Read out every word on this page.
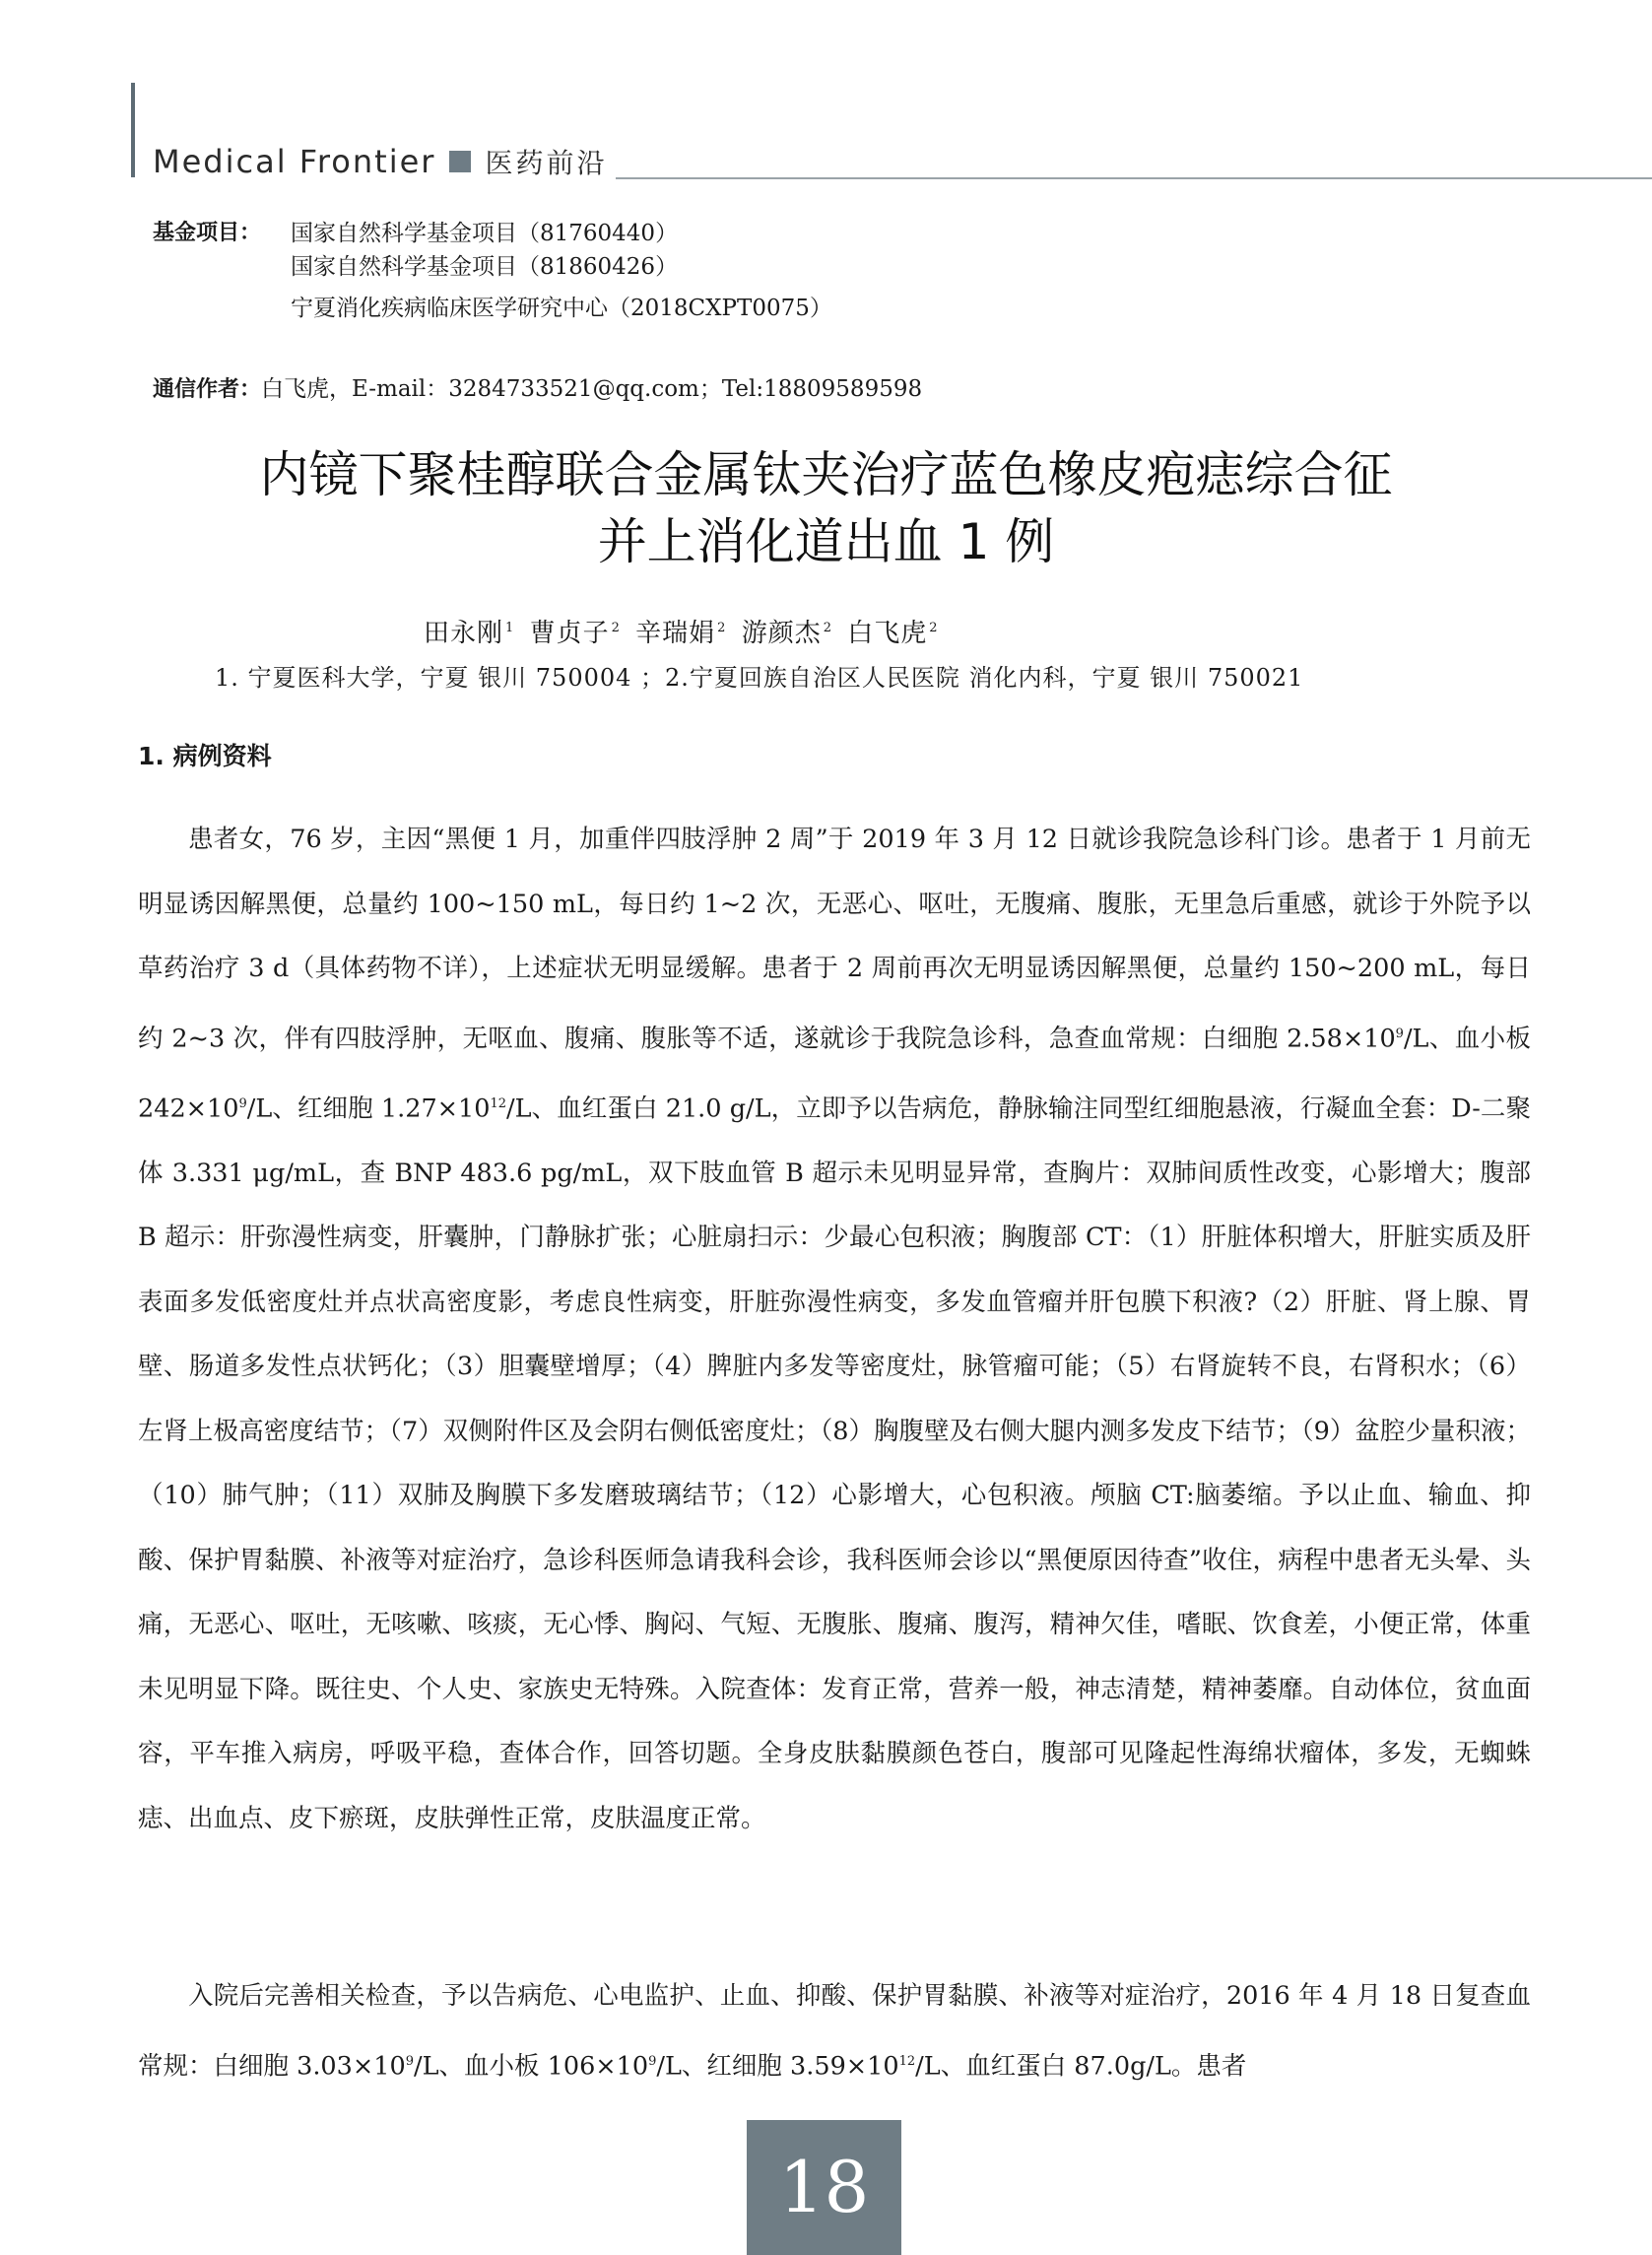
Medical Frontier 医药前沿
基金项目：	国家自然科学基金项目（81760440）
国家自然科学基金项目（81860426）
宁夏消化疾病临床医学研究中心（2018CXPT0075）
通信作者：白飞虎，E-mail：3284733521@qq.com；Tel:18809589598
内镜下聚桂醇联合金属钛夹治疗蓝色橡皮疱痣综合征
并上消化道出血 1 例
田永刚 $^1$ 曹贞子 $^2$ 辛瑞娟 $^2$ 游颜杰 $^2$ 白飞虎 $^2$
1. 宁夏医科大学，宁夏 银川 750004 ；2.宁夏回族自治区人民医院 消化内科，宁夏 银川 750021
1. 病例资料

患者女，76 岁，主因“黑便 1 月，加重伴四肢浮肿 2 周”于 2019 年 3 月 12 日就诊我院急诊科门诊。患者于 1 月前无明显诱因解黑便，总量约 100~150 mL，每日约 1~2 次，无恶心、呕吐，无腹痛、腹胀，无里急后重感，就诊于外院予以草药治疗 3 d（具体药物不详），上述症状无明显缓解。患者于 2 周前再次无明显诱因解黑便，总量约 150~200 mL，每日约 2~3 次，伴有四肢浮肿，无呕血、腹痛、腹胀等不适，遂就诊于我院急诊科，急查血常规：白细胞 $2.58\times 10^9/L$、血小板 $242\times 10^9/L$、红细胞 $1.27\times 10^{12}/L$、血红蛋白 21.0 g/L，立即予以告病危，静脉输注同型红细胞悬液，行凝血全套：D-二聚体 3.331 μg/mL，查 BNP 483.6 pg/mL，双下肢血管 B 超示未见明显异常，查胸片：双肺间质性改变，心影增大；腹部 B 超示：肝弥漫性病变，肝囊肿，门静脉扩张；心脏扇扫示：少最心包积液；胸腹部 CT：（1）肝脏体积增大，肝脏实质及肝表面多发低密度灶并点状高密度影，考虑良性病变，肝脏弥漫性病变，多发血管瘤并肝包膜下积液?（2）肝脏、肾上腺、胃壁、肠道多发性点状钙化；（3）胆囊壁增厚；（4）脾脏内多发等密度灶，脉管瘤可能；（5）右肾旋转不良，右肾积水；（6）左肾上极高密度结节；（7）双侧附件区及会阴右侧低密度灶；（8）胸腹壁及右侧大腿内测多发皮下结节；（9）盆腔少量积液；（10）肺气肿；（11）双肺及胸膜下多发磨玻璃结节；（12）心影增大，心包积液。颅脑 CT:脑萎缩。予以止血、输血、抑酸、保护胃黏膜、补液等对症治疗，急诊科医师急请我科会诊，我科医师会诊以“黑便原因待查”收住，病程中患者无头晕、头痛，无恶心、呕吐，无咳嗽、咳痰，无心悸、胸闷、气短、无腹胀、腹痛、腹泻，精神欠佳，嗜眠、饮食差，小便正常，体重未见明显下降。既往史、个人史、家族史无特殊。入院查体：发育正常，营养一般，神志清楚，精神萎靡。自动体位，贫血面容，平车推入病房，呼吸平稳，查体合作，回答切题。全身皮肤黏膜颜色苍白，腹部可见隆起性海绵状瘤体，多发，无蜘蛛痣、出血点、皮下瘀斑，皮肤弹性正常，皮肤温度正常。

入院后完善相关检查，予以告病危、心电监护、止血、抑酸、保护胃黏膜、补液等对症治疗，2016 年 4 月 18 日复查血常规：白细胞 $3.03\times 10^9/L$、血小板 $106\times 10^9/L$、红细胞 $3.59\times 10^{12}/L$、血红蛋白 87.0g/L。患者

18
